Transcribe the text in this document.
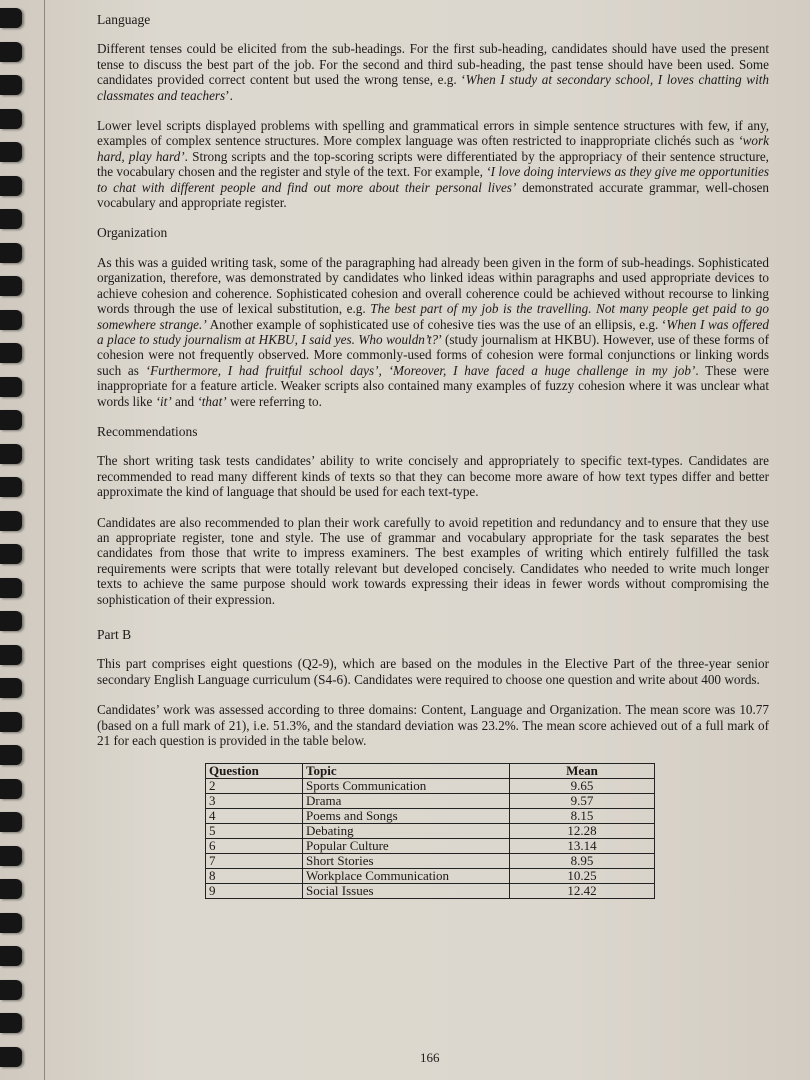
Language

Different tenses could be elicited from the sub-headings. For the first sub-heading, candidates should have used the present tense to discuss the best part of the job. For the second and third sub-heading, the past tense should have been used. Some candidates provided correct content but used the wrong tense, e.g. ‘When I study at secondary school, I loves chatting with classmates and teachers’.

Lower level scripts displayed problems with spelling and grammatical errors in simple sentence structures with few, if any, examples of complex sentence structures. More complex language was often restricted to inappropriate clichés such as ‘work hard, play hard’. Strong scripts and the top-scoring scripts were differentiated by the appropriacy of their sentence structure, the vocabulary chosen and the register and style of the text. For example, ‘I love doing interviews as they give me opportunities to chat with different people and find out more about their personal lives’ demonstrated accurate grammar, well-chosen vocabulary and appropriate register.

Organization

As this was a guided writing task, some of the paragraphing had already been given in the form of sub-headings. Sophisticated organization, therefore, was demonstrated by candidates who linked ideas within paragraphs and used appropriate devices to achieve cohesion and coherence. Sophisticated cohesion and overall coherence could be achieved without recourse to linking words through the use of lexical substitution, e.g. The best part of my job is the travelling. Not many people get paid to go somewhere strange.’ Another example of sophisticated use of cohesive ties was the use of an ellipsis, e.g. ‘When I was offered a place to study journalism at HKBU, I said yes. Who wouldn’t?’ (study journalism at HKBU). However, use of these forms of cohesion were not frequently observed. More commonly-used forms of cohesion were formal conjunctions or linking words such as ‘Furthermore, I had fruitful school days’, ‘Moreover, I have faced a huge challenge in my job’. These were inappropriate for a feature article. Weaker scripts also contained many examples of fuzzy cohesion where it was unclear what words like ‘it’ and ‘that’ were referring to.

Recommendations

The short writing task tests candidates’ ability to write concisely and appropriately to specific text-types. Candidates are recommended to read many different kinds of texts so that they can become more aware of how text types differ and better approximate the kind of language that should be used for each text-type.

Candidates are also recommended to plan their work carefully to avoid repetition and redundancy and to ensure that they use an appropriate register, tone and style. The use of grammar and vocabulary appropriate for the task separates the best candidates from those that write to impress examiners. The best examples of writing which entirely fulfilled the task requirements were scripts that were totally relevant but developed concisely. Candidates who needed to write much longer texts to achieve the same purpose should work towards expressing their ideas in fewer words without compromising the sophistication of their expression.

Part B

This part comprises eight questions (Q2-9), which are based on the modules in the Elective Part of the three-year senior secondary English Language curriculum (S4-6). Candidates were required to choose one question and write about 400 words.

Candidates’ work was assessed according to three domains: Content, Language and Organization. The mean score was 10.77 (based on a full mark of 21), i.e. 51.3%, and the standard deviation was 23.2%. The mean score achieved out of a full mark of 21 for each question is provided in the table below.

Question	Topic	Mean
2	Sports Communication	9.65
3	Drama	9.57
4	Poems and Songs	8.15
5	Debating	12.28
6	Popular Culture	13.14
7	Short Stories	8.95
8	Workplace Communication	10.25
9	Social Issues	12.42
166
